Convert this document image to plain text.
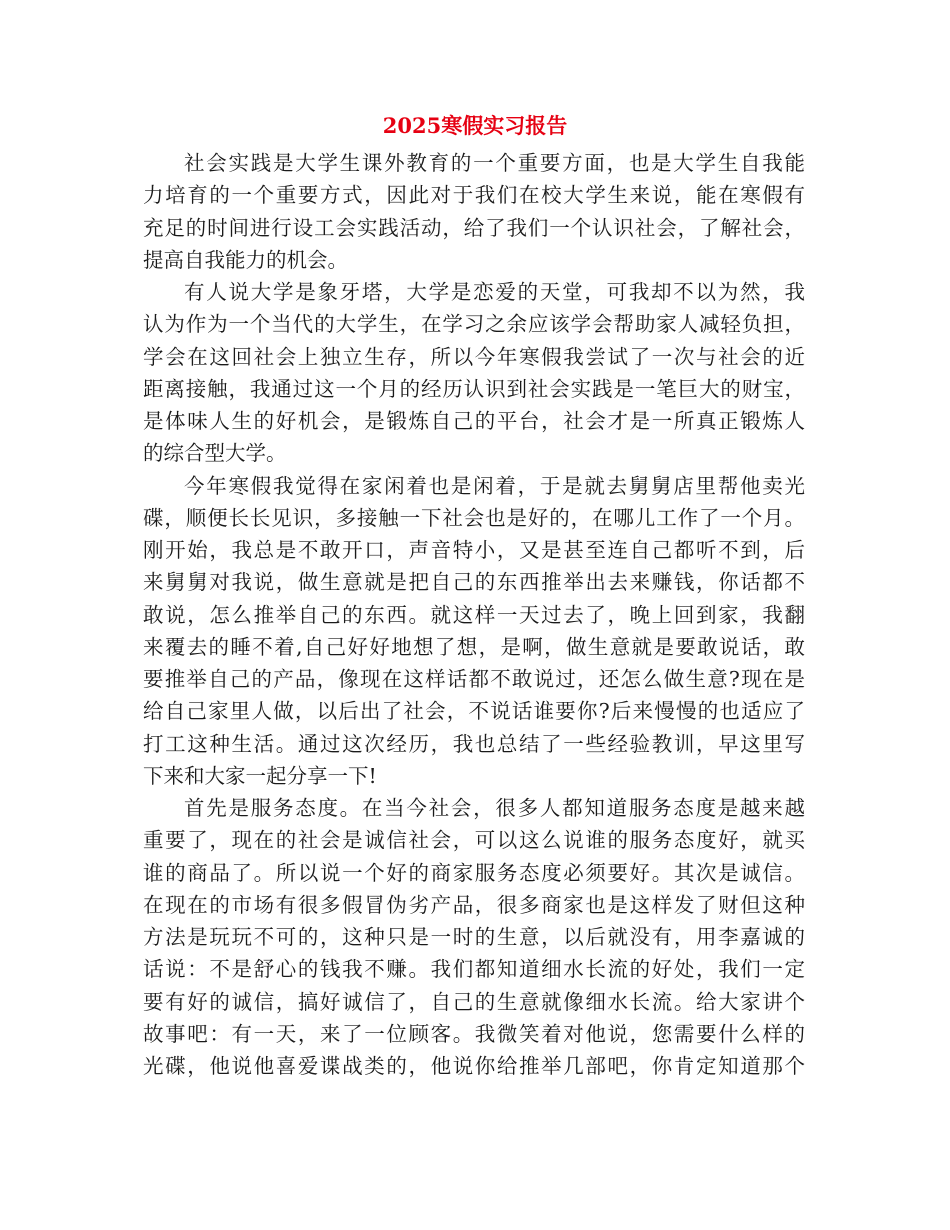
2025寒假实习报告

社会实践是大学生课外教育的一个重要方面，也是大学生自我能
力培育的一个重要方式，因此对于我们在校大学生来说，能在寒假有
充足的时间进行设工会实践活动，给了我们一个认识社会，了解社会，
提高自我能力的机会。

有人说大学是象牙塔，大学是恋爱的天堂，可我却不以为然，我
认为作为一个当代的大学生，在学习之余应该学会帮助家人减轻负担，
学会在这回社会上独立生存，所以今年寒假我尝试了一次与社会的近
距离接触，我通过这一个月的经历认识到社会实践是一笔巨大的财宝，
是体味人生的好机会，是锻炼自己的平台，社会才是一所真正锻炼人
的综合型大学。

今年寒假我觉得在家闲着也是闲着，于是就去舅舅店里帮他卖光
碟，顺便长长见识，多接触一下社会也是好的，在哪儿工作了一个月。
刚开始，我总是不敢开口，声音特小，又是甚至连自己都听不到，后
来舅舅对我说，做生意就是把自己的东西推举出去来赚钱，你话都不
敢说，怎么推举自己的东西。就这样一天过去了，晚上回到家，我翻
来覆去的睡不着,自己好好地想了想，是啊，做生意就是要敢说话，敢
要推举自己的产品，像现在这样话都不敢说过，还怎么做生意?现在是
给自己家里人做，以后出了社会，不说话谁要你?后来慢慢的也适应了
打工这种生活。通过这次经历，我也总结了一些经验教训，早这里写
下来和大家一起分享一下!

首先是服务态度。在当今社会，很多人都知道服务态度是越来越
重要了，现在的社会是诚信社会，可以这么说谁的服务态度好，就买
谁的商品了。所以说一个好的商家服务态度必须要好。其次是诚信。
在现在的市场有很多假冒伪劣产品，很多商家也是这样发了财但这种
方法是玩玩不可的，这种只是一时的生意，以后就没有，用李嘉诚的
话说：不是舒心的钱我不赚。我们都知道细水长流的好处，我们一定
要有好的诚信，搞好诚信了，自己的生意就像细水长流。给大家讲个
故事吧：有一天，来了一位顾客。我微笑着对他说，您需要什么样的
光碟，他说他喜爱谍战类的，他说你给推举几部吧，你肯定知道那个
